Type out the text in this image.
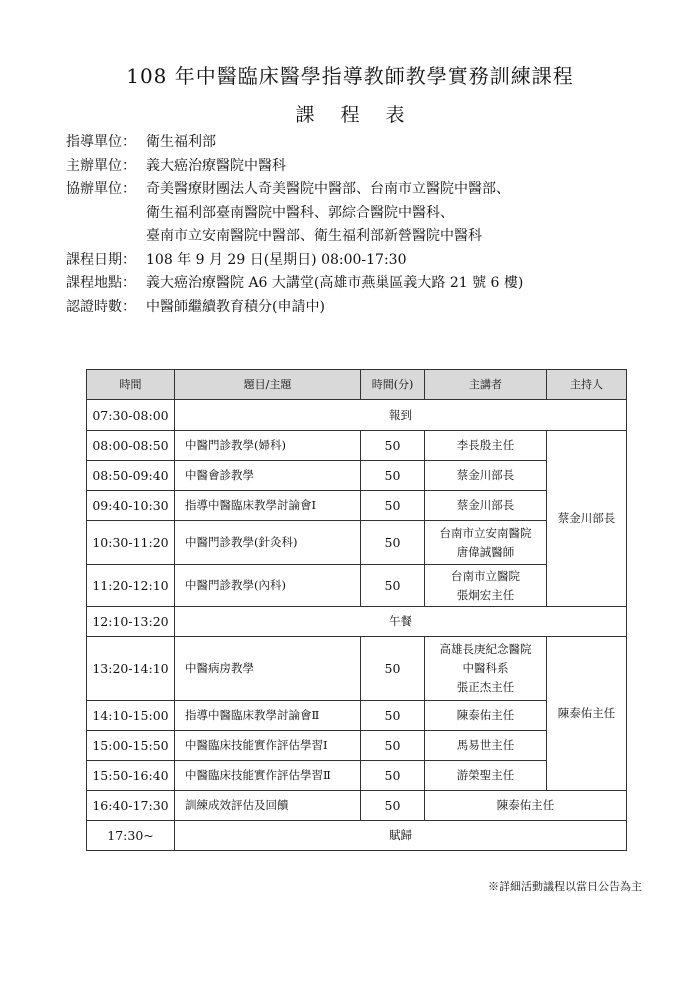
108 年中醫臨床醫學指導教師教學實務訓練課程
課程表
指導單位： 衛生福利部
主辦單位： 義大癌治療醫院中醫科
協辦單位： 奇美醫療財團法人奇美醫院中醫部、台南市立醫院中醫部、
衛生福利部臺南醫院中醫科、郭綜合醫院中醫科、
臺南市立安南醫院中醫部、衛生福利部新營醫院中醫科
課程日期： 108 年 9 月 29 日(星期日) 08:00-17:30
課程地點： 義大癌治療醫院 A6 大講堂(高雄市燕巢區義大路 21 號 6 樓)
認證時數： 中醫師繼續教育積分(申請中)
時間	題目/主題	時間(分)	主講者	主持人
07:30-08:00	報到			
08:00-08:50	中醫門診教學(婦科)	50	李長殷主任	蔡金川部長
08:50-09:40	中醫會診教學	50	蔡金川部長	
09:40-10:30	指導中醫臨床教學討論會Ⅰ	50	蔡金川部長	
10:30-11:20	中醫門診教學(針灸科)	50	台南市立安南醫院
唐偉誠醫師	

11:20-12:10	中醫門診教學(內科)	50	台南市立醫院
張炯宏主任	

12:10-13:20	午餐			
13:20-14:10	中醫病房教學	50	高雄長庚紀念醫院
中醫科系
張正杰主任	陳泰佑主任
14:10-15:00	指導中醫臨床教學討論會Ⅱ	50	陳泰佑主任	
15:00-15:50	中醫臨床技能實作評估學習Ⅰ	50	馬易世主任	
15:50-16:40	中醫臨床技能實作評估學習Ⅱ	50	游榮聖主任	
16:40-17:30	訓練成效評估及回饋	50	陳泰佑主任	
17:30~	賦歸			
※詳細活動議程以當日公告為主
